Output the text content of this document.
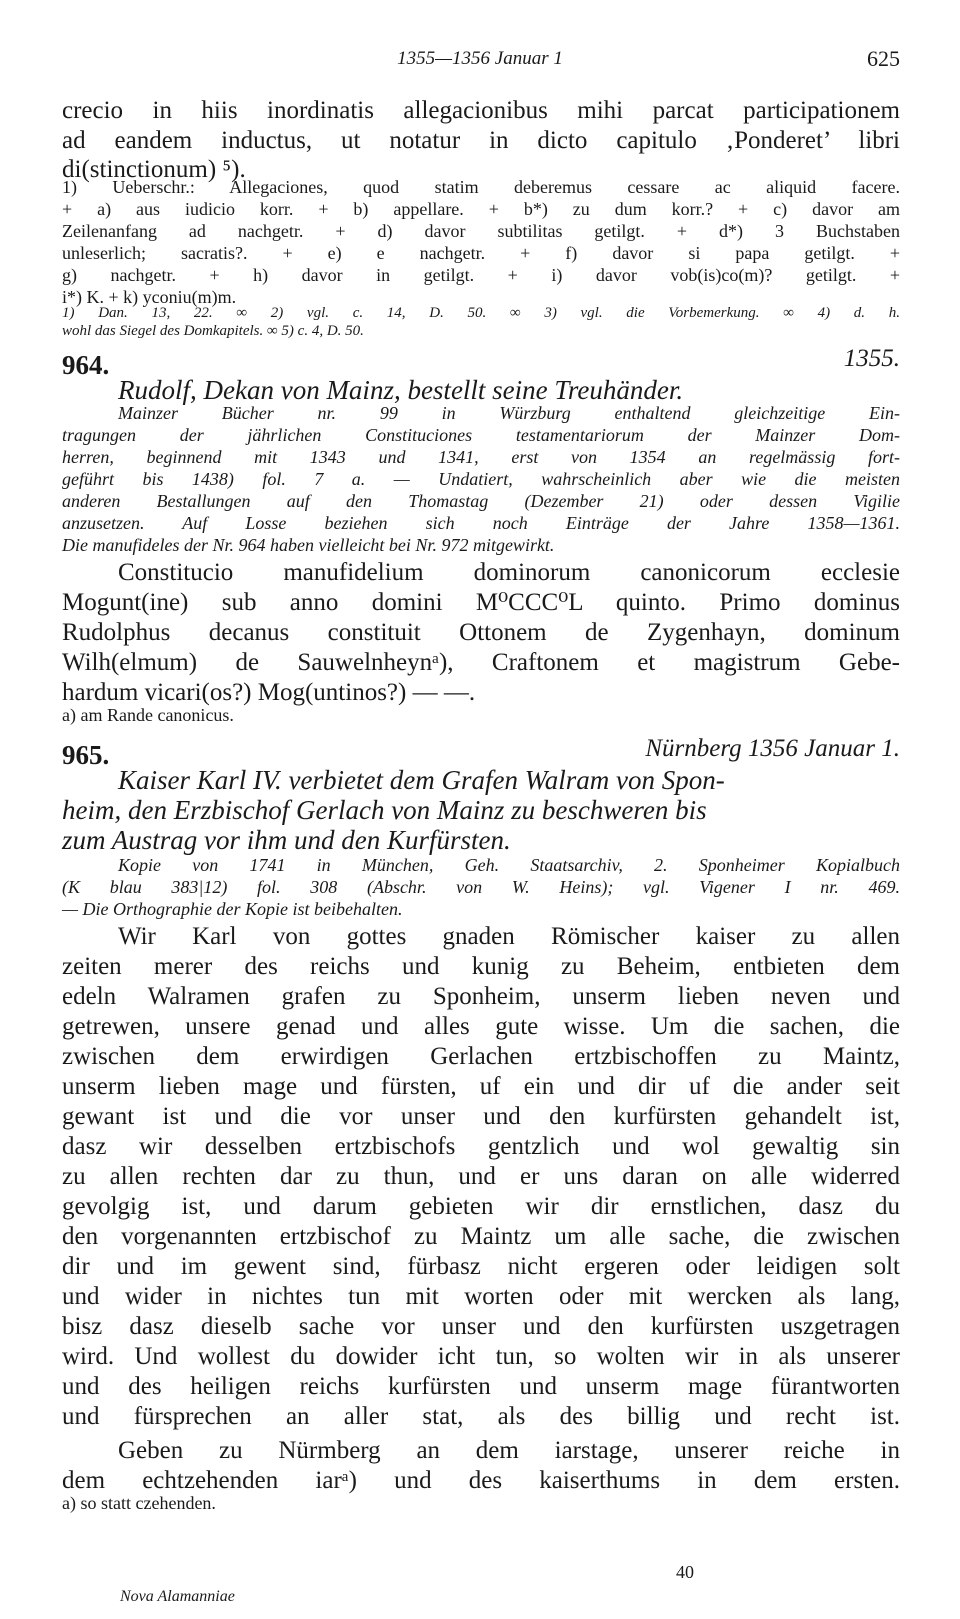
1355—1356 Januar 1	625
crecio in hiis inordinatis allegacionibus mihi parcat participationem
ad eandem inductus, ut notatur in dicto capitulo ‚Ponderet’ libri
di(stinctionum) ⁵).
1) Ueberschr.: Allegaciones, quod statim deberemus cessare ac aliquid facere.
+ a) aus iudicio korr. + b) appellare. + b*) zu dum korr.? + c) davor am
Zeilenanfang ad nachgetr. + d) davor subtilitas getilgt. + d*) 3 Buchstaben
unleserlich; sacratis?. + e) e nachgetr. + f) davor si papa getilgt. +
g) nachgetr. + h) davor in getilgt. + i) davor vob(is)co(m)? getilgt. +
i*) K. + k) yconiu(m)m.
1) Dan. 13, 22. ∞ 2) vgl. c. 14, D. 50. ∞ 3) vgl. die Vorbemerkung. ∞ 4) d. h.
wohl das Siegel des Domkapitels. ∞ 5) c. 4, D. 50.
964.	1355.
Rudolf, Dekan von Mainz, bestellt seine Treuhänder.
Mainzer Bücher nr. 99 in Würzburg enthaltend gleichzeitige Ein-
tragungen der jährlichen Constituciones testamentariorum der Mainzer Dom-
herren, beginnend mit 1343 und 1341, erst von 1354 an regelmässig fort-
geführt bis 1438) fol. 7 a. — Undatiert, wahrscheinlich aber wie die meisten
anderen Bestallungen auf den Thomastag (Dezember 21) oder dessen Vigilie
anzusetzen. Auf Losse beziehen sich noch Einträge der Jahre 1358—1361.
Die manufideles der Nr. 964 haben vielleicht bei Nr. 972 mitgewirkt.
Constitucio manufidelium dominorum canonicorum ecclesie
Mogunt(ine) sub anno domini M⁰CCC⁰L quinto. Primo dominus
Rudolphus decanus constituit Ottonem de Zygenhayn, dominum
Wilh(elmum) de Sauwelnheynᵃ), Craftonem et magistrum Gebe-
hardum vicari(os?) Mog(untinos?) — —.
a) am Rande canonicus.
965.	Nürnberg 1356 Januar 1.
Kaiser Karl IV. verbietet dem Grafen Walram von Spon-
heim, den Erzbischof Gerlach von Mainz zu beschweren bis
zum Austrag vor ihm und den Kurfürsten.
Kopie von 1741 in München, Geh. Staatsarchiv, 2. Sponheimer Kopialbuch
(K blau 383|12) fol. 308 (Abschr. von W. Heins); vgl. Vigener I nr. 469.
— Die Orthographie der Kopie ist beibehalten.
Wir Karl von gottes gnaden Römischer kaiser zu allen
zeiten merer des reichs und kunig zu Beheim, entbieten dem
edeln Walramen grafen zu Sponheim, unserm lieben neven und
getrewen, unsere genad und alles gute wisse. Um die sachen, die
zwischen dem erwirdigen Gerlachen ertzbischoffen zu Maintz,
unserm lieben mage und fürsten, uf ein und dir uf die ander seit
gewant ist und die vor unser und den kurfürsten gehandelt ist,
dasz wir desselben ertzbischofs gentzlich und wol gewaltig sin
zu allen rechten dar zu thun, und er uns daran on alle widerred
gevolgig ist, und darum gebieten wir dir ernstlichen, dasz du
den vorgenannten ertzbischof zu Maintz um alle sache, die zwischen
dir und im gewent sind, fürbasz nicht ergeren oder leidigen solt
und wider in nichtes tun mit worten oder mit wercken als lang,
bisz dasz dieselb sache vor unser und den kurfürsten uszgetragen
wird. Und wollest du dowider icht tun, so wolten wir in als unserer
und des heiligen reichs kurfürsten und unserm mage fürantworten
und fürsprechen an aller stat, als des billig und recht ist.
Geben zu Nürmberg an dem iarstage, unserer reiche in
dem echtzehenden iarᵃ) und des kaiserthums in dem ersten.
a) so statt czehenden.
40
Nova Alamanniae
